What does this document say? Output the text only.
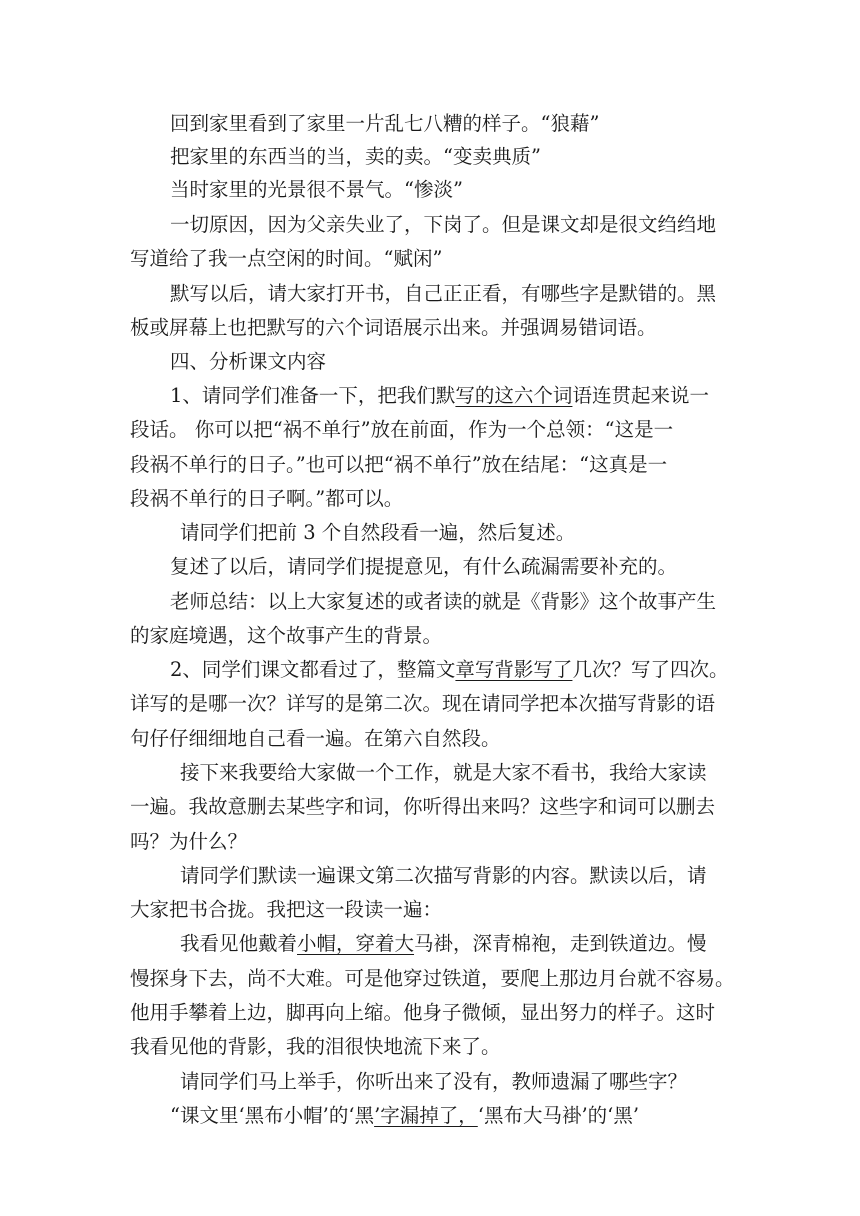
回到家里看到了家里一片乱七八糟的样子。“狼藉”
把家里的东西当的当，卖的卖。“变卖典质”
当时家里的光景很不景气。“惨淡”
一切原因，因为父亲失业了，下岗了。但是课文却是很文绉绉地
写道给了我一点空闲的时间。“赋闲”
默写以后，请大家打开书，自己正正看，有哪些字是默错的。黑
板或屏幕上也把默写的六个词语展示出来。并强调易错词语。
四、分析课文内容
1、请同学们准备一下，把我们默写的这六个词语连贯起来说一
段话。 你可以把“祸不单行”放在前面，作为一个总领：“这是一
段祸不单行的日子。”也可以把“祸不单行”放在结尾：“这真是一
段祸不单行的日子啊。”都可以。
请同学们把前 3 个自然段看一遍，然后复述。
复述了以后，请同学们提提意见，有什么疏漏需要补充的。
老师总结：以上大家复述的或者读的就是《背影》这个故事产生
的家庭境遇，这个故事产生的背景。
2、同学们课文都看过了，整篇文章写背影写了几次？写了四次。
详写的是哪一次？详写的是第二次。现在请同学把本次描写背影的语
句仔仔细细地自己看一遍。在第六自然段。
接下来我要给大家做一个工作，就是大家不看书，我给大家读
一遍。我故意删去某些字和词，你听得出来吗？这些字和词可以删去
吗？为什么？
请同学们默读一遍课文第二次描写背影的内容。默读以后，请
大家把书合拢。我把这一段读一遍：
我看见他戴着小帽，穿着大马褂，深青棉袍，走到铁道边。慢
慢探身下去，尚不大难。可是他穿过铁道，要爬上那边月台就不容易。
他用手攀着上边，脚再向上缩。他身子微倾，显出努力的样子。这时
我看见他的背影，我的泪很快地流下来了。
请同学们马上举手，你听出来了没有，教师遗漏了哪些字？
“课文里‘黑布小帽’的‘黑’字漏掉了，‘黑布大马褂’的‘黑’
